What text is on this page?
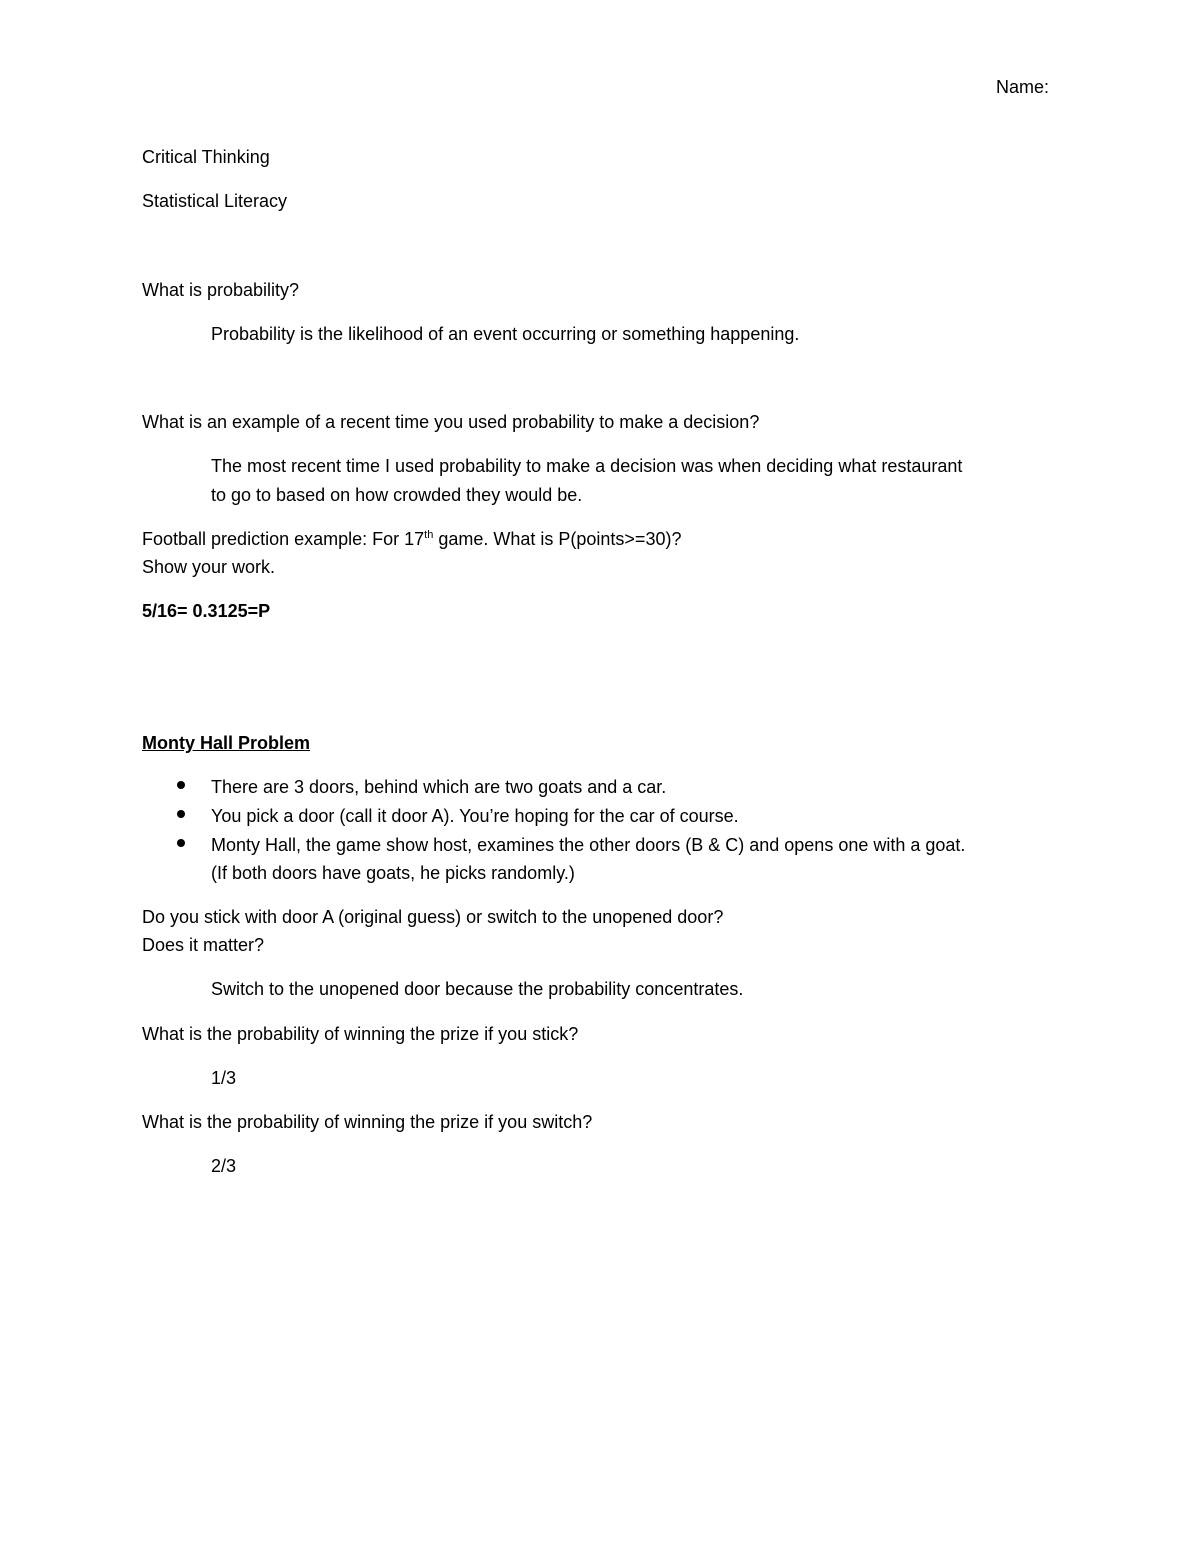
Name:
Critical Thinking
Statistical Literacy
What is probability?
Probability is the likelihood of an event occurring or something happening.
What is an example of a recent time you used probability to make a decision?
The most recent time I used probability to make a decision was when deciding what restaurant
to go to based on how crowded they would be.
Football prediction example: For 17th game. What is P(points>=30)?
Show your work.
5/16= 0.3125=P
Monty Hall Problem
There are 3 doors, behind which are two goats and a car.
You pick a door (call it door A). You’re hoping for the car of course.
Monty Hall, the game show host, examines the other doors (B & C) and opens one with a goat.
(If both doors have goats, he picks randomly.)
Do you stick with door A (original guess) or switch to the unopened door?
Does it matter?
Switch to the unopened door because the probability concentrates.
What is the probability of winning the prize if you stick?
1/3
What is the probability of winning the prize if you switch?
2/3
